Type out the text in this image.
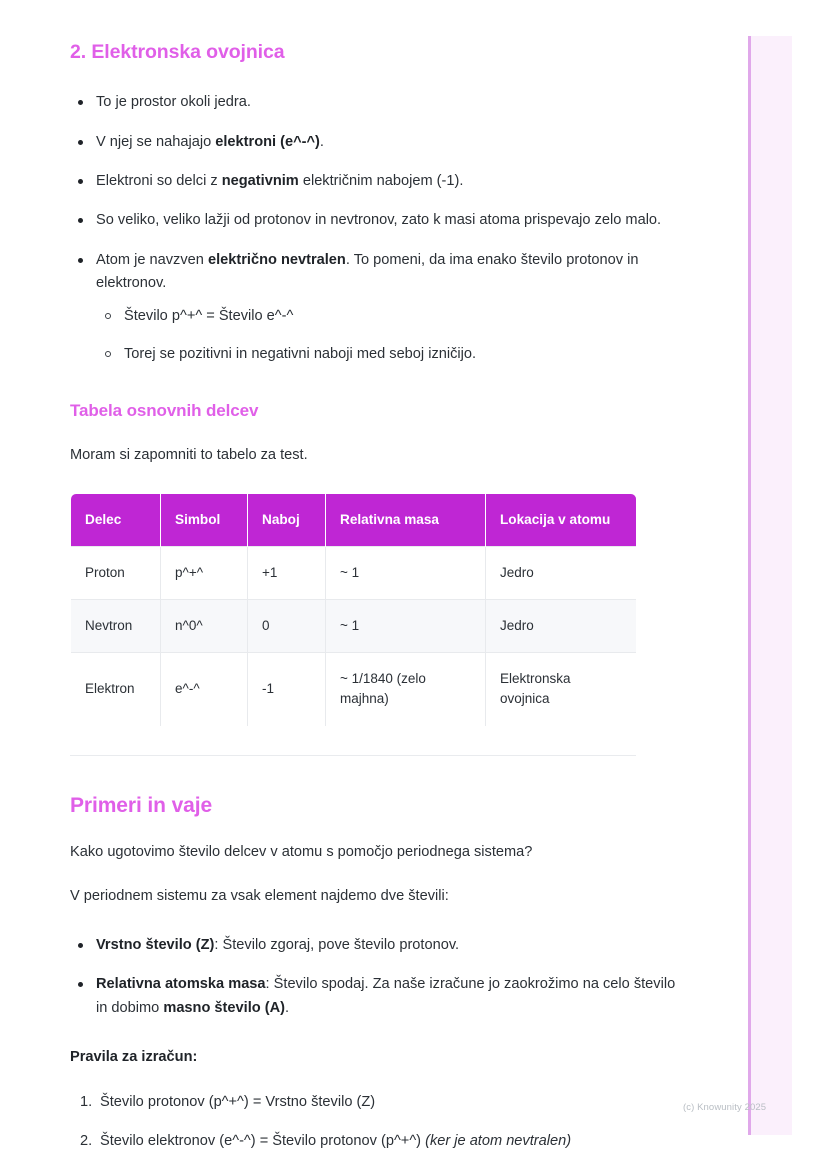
2. Elektronska ovojnica
To je prostor okoli jedra.
V njej se nahajajo elektroni (e^-^).
Elektroni so delci z negativnim električnim nabojem (-1).
So veliko, veliko lažji od protonov in nevtronov, zato k masi atoma prispevajo zelo malo.
Atom je navzven električno nevtralen. To pomeni, da ima enako število protonov in elektronov.
Število p^+^ = Število e^-^
Torej se pozitivni in negativni naboji med seboj izničijo.
Tabela osnovnih delcev

Moram si zapomniti to tabelo za test.

Delec	Simbol	Naboj	Relativna masa	Lokacija v atomu
Proton	p^+^	+1	~ 1	Jedro
Nevtron	n^0^	0	~ 1	Jedro
Elektron	e^-^	-1	~ 1/1840 (zelo majhna)	Elektronska ovojnica
Primeri in vaje

Kako ugotovimo število delcev v atomu s pomočjo periodnega sistema?

V periodnem sistemu za vsak element najdemo dve števili:

Vrstno število (Z): Število zgoraj, pove število protonov.
Relativna atomska masa: Število spodaj. Za naše izračune jo zaokrožimo na celo število in dobimo masno število (A).

Pravila za izračun:

Število protonov (p^+^) = Vrstno število (Z)
Število elektronov (e^-^) = Število protonov (p^+^) (ker je atom nevtralen)
(c) Knowunity 2025
